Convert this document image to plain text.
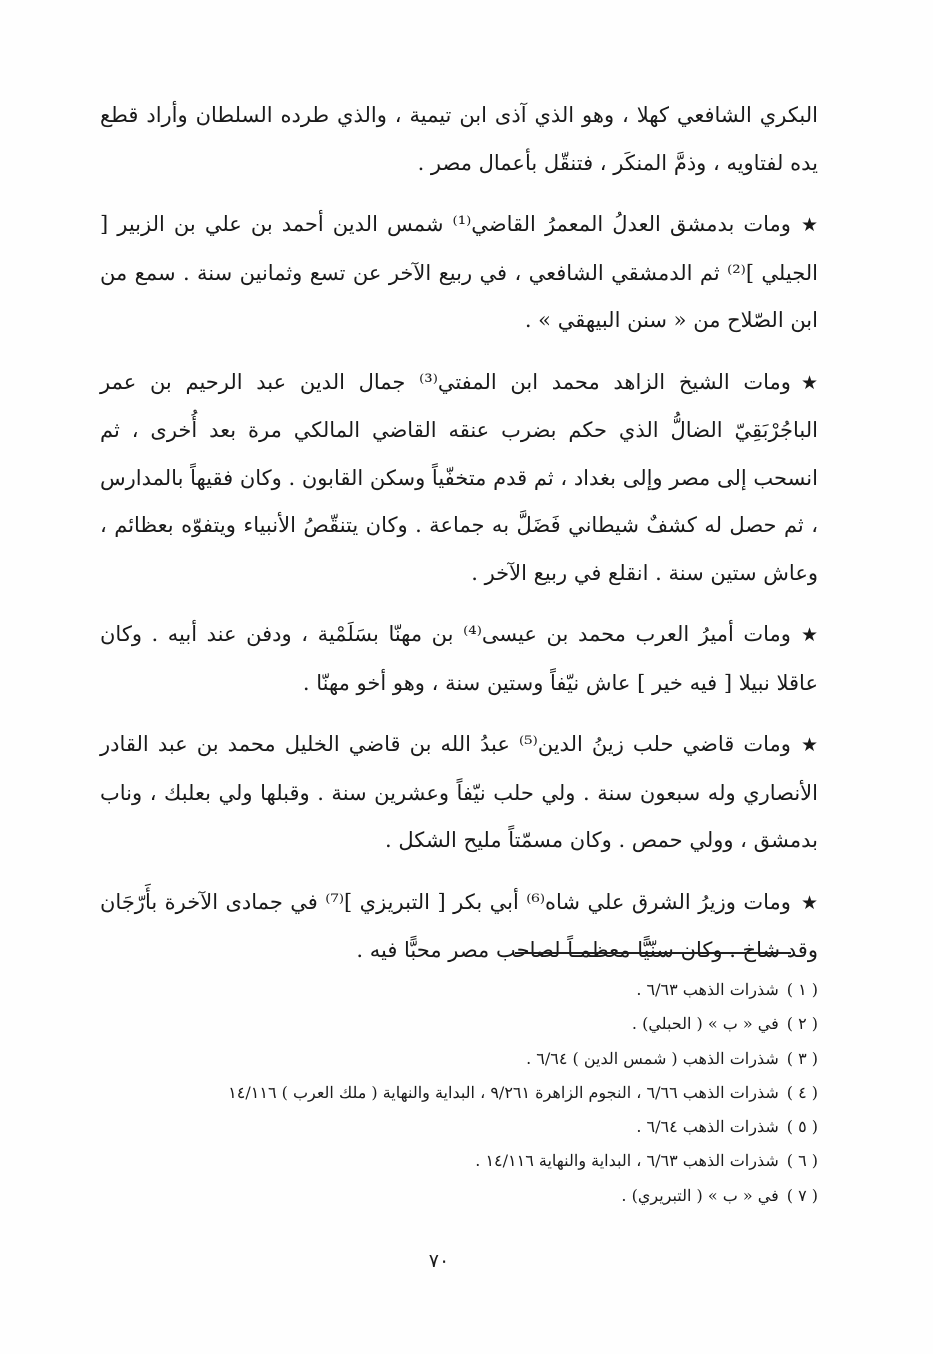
البكري الشافعي كهلا ، وهو الذي آذى ابن تيمية ، والذي طرده السلطان وأراد قطع يده لفتاويه ، وذمَّ المنكَر ، فتنقّل بأعمال مصر .

★ومات بدمشق العدلُ المعمرُ القاضي⁽¹⁾ شمس الدين أحمد بن علي بن الزبير [ الجيلي ]⁽²⁾ ثم الدمشقي الشافعي ، في ربيع الآخر عن تسع وثمانين سنة . سمع من ابن الصّلاح من « سنن البيهقي » .

★ومات الشيخ الزاهد محمد ابن المفتي⁽³⁾ جمال الدين عبد الرحيم بن عمر الباجُرْبَقِيّ الضالُّ الذي حكم بضرب عنقه القاضي المالكي مرة بعد أُخرى ، ثم انسحب إلى مصر وإلى بغداد ، ثم قدم متخفّياً وسكن القابون . وكان فقيهاً بالمدارس ، ثم حصل له كشفٌ شيطاني فَضَلَّ به جماعة . وكان يتنقّصُ الأنبياء ويتفوّه بعظائم ، وعاش ستين سنة . انقلع في ربيع الآخر .

★ومات أميرُ العرب محمد بن عيسى⁽⁴⁾ بن مهنّا بسَلَمْية ، ودفن عند أبيه . وكان عاقلا نبيلا [ فيه خير ] عاش نيّفاً وستين سنة ، وهو أخو مهنّا .

★ومات قاضي حلب زينُ الدين⁽⁵⁾ عبدُ الله بن قاضي الخليل محمد بن عبد القادر الأنصاري وله سبعون سنة . ولي حلب نيّفاً وعشرين سنة . وقبلها ولي بعلبك ، وناب بدمشق ، وولي حمص . وكان مسمّتاً مليح الشكل .

★ومات وزيرُ الشرق علي شاه⁽⁶⁾ أبي بكر [ التبريزي ]⁽⁷⁾ في جمادى الآخرة بأَرّجَان وقد شاخ . وكان سنّيًّا معظمـاً لصاحب مصر محبًّا فيه .

( ١ )شذرات الذهب ٦/٦٣ .
( ٢ )في « ب » ( الحبلي) .
( ٣ )شذرات الذهب ( شمس الدين ) ٦/٦٤ .
( ٤ )شذرات الذهب ٦/٦٦ ، النجوم الزاهرة ٩/٢٦١ ، البداية والنهاية ( ملك العرب ) ١٤/١١٦
( ٥ )شذرات الذهب ٦/٦٤ .
( ٦ )شذرات الذهب ٦/٦٣ ، البداية والنهاية ١٤/١١٦ .
( ٧ )في « ب » ( التبريري) .
٧٠
